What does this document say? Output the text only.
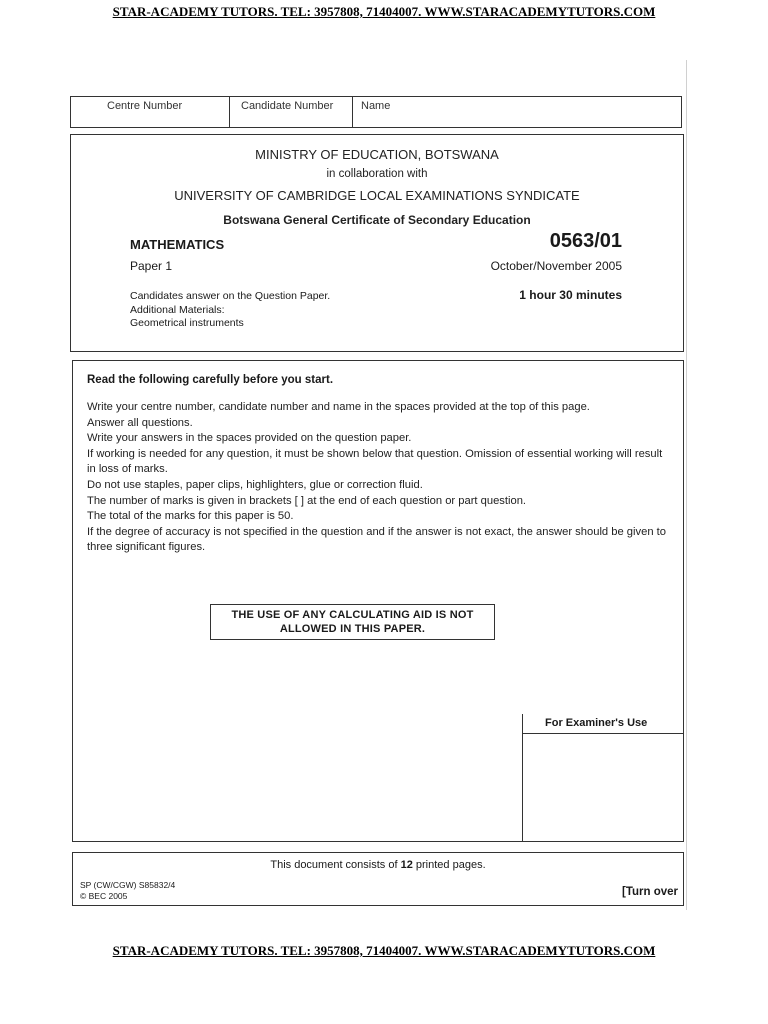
STAR-ACADEMY TUTORS. TEL: 3957808, 71404007. WWW.STARACADEMYTUTORS.COM
Centre Number	Candidate Number	Name
MINISTRY OF EDUCATION, BOTSWANA
in collaboration with
UNIVERSITY OF CAMBRIDGE LOCAL EXAMINATIONS SYNDICATE
Botswana General Certificate of Secondary Education
MATHEMATICS	0563/01
Paper 1	October/November 2005
Candidates answer on the Question Paper.	1 hour 30 minutes
Additional Materials:
Geometrical instruments
Read the following carefully before you start.

Write your centre number, candidate number and name in the spaces provided at the top of this page.

Answer all questions.

Write your answers in the spaces provided on the question paper.

If working is needed for any question, it must be shown below that question. Omission of essential working will result in loss of marks.

Do not use staples, paper clips, highlighters, glue or correction fluid.

The number of marks is given in brackets [ ] at the end of each question or part question.

The total of the marks for this paper is 50.

If the degree of accuracy is not specified in the question and if the answer is not exact, the answer should be given to three significant figures.

THE USE OF ANY CALCULATING AID IS NOT
ALLOWED IN THIS PAPER.
For Examiner's Use
This document consists of 12 printed pages.
SP (CW/CGW) S85832/4
© BEC 2005	[Turn over
STAR-ACADEMY TUTORS. TEL: 3957808, 71404007. WWW.STARACADEMYTUTORS.COM
